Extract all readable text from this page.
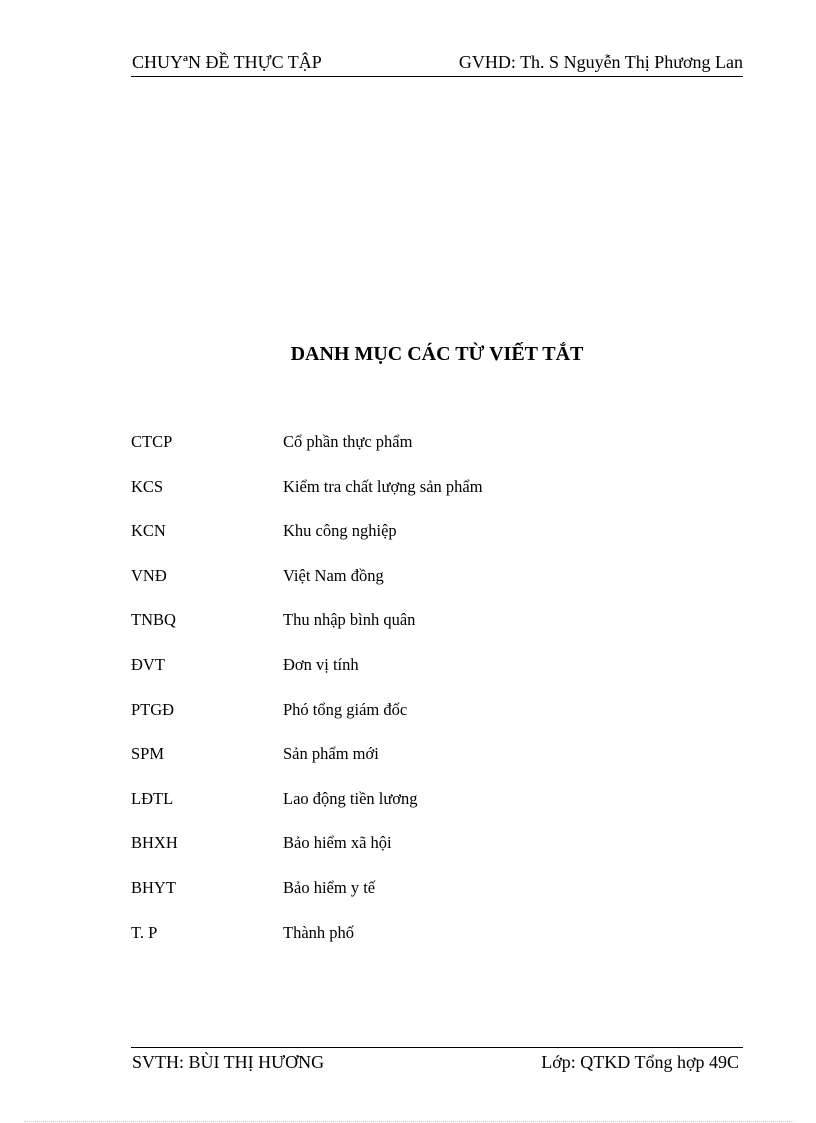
CHUYªN ĐỀ THỰC TẬP	GVHD: Th. S Nguyễn Thị Phương Lan
DANH MỤC CÁC TỪ VIẾT TẮT
CTCP	Cổ phần thực phẩm
KCS	Kiểm tra chất lượng sản phẩm
KCN	Khu công nghiệp
VNĐ	Việt Nam đồng
TNBQ	Thu nhập bình quân
ĐVT	Đơn vị tính
PTGĐ	Phó tổng giám đốc
SPM	Sản phẩm mới
LĐTL	Lao động tiền lương
BHXH	Bảo hiểm xã hội
BHYT	Bảo hiểm y tế
T. P	Thành phố
SVTH: BÙI THỊ HƯƠNG	Lớp: QTKD Tổng hợp 49C
